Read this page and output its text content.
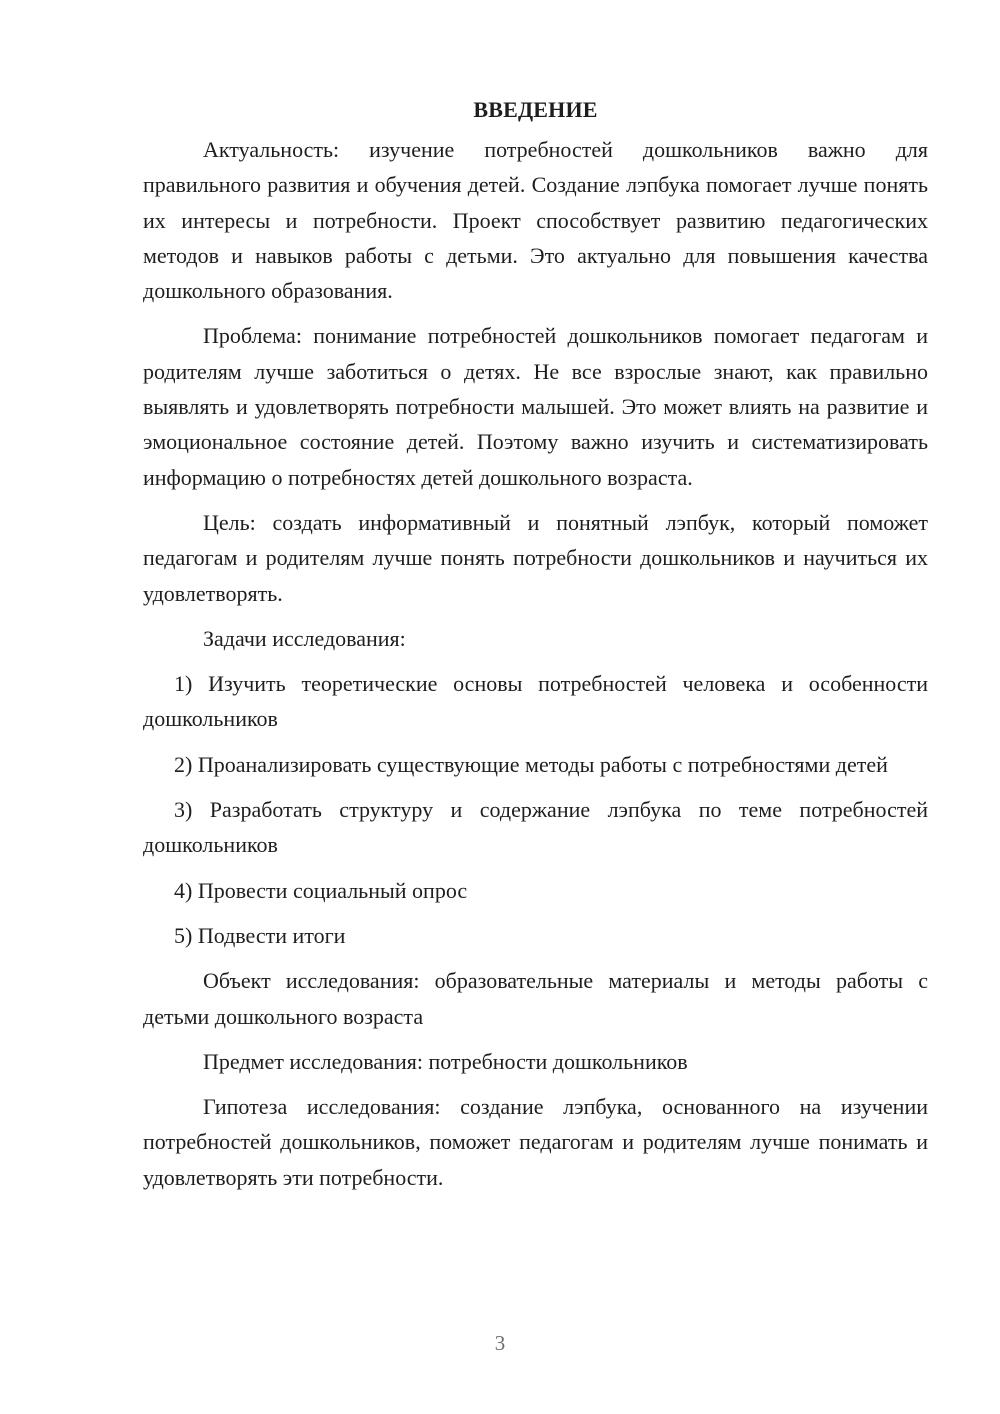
ВВЕДЕНИЕ

Актуальность: изучение потребностей дошкольников важно для правильного развития и обучения детей. Создание лэпбука помогает лучше понять их интересы и потребности. Проект способствует развитию педагогических методов и навыков работы с детьми. Это актуально для повышения качества дошкольного образования.

Проблема: понимание потребностей дошкольников помогает педагогам и родителям лучше заботиться о детях. Не все взрослые знают, как правильно выявлять и удовлетворять потребности малышей. Это может влиять на развитие и эмоциональное состояние детей. Поэтому важно изучить и систематизировать информацию о потребностях детей дошкольного возраста.

Цель: создать информативный и понятный лэпбук, который поможет педагогам и родителям лучше понять потребности дошкольников и научиться их удовлетворять.

Задачи исследования:

1) Изучить теоретические основы потребностей человека и особенности дошкольников

2) Проанализировать существующие методы работы с потребностями детей

3) Разработать структуру и содержание лэпбука по теме потребностей дошкольников

4) Провести социальный опрос

5) Подвести итоги

Объект исследования: образовательные материалы и методы работы с детьми дошкольного возраста

Предмет исследования: потребности дошкольников

Гипотеза исследования: создание лэпбука, основанного на изучении потребностей дошкольников, поможет педагогам и родителям лучше понимать и удовлетворять эти потребности.

3
